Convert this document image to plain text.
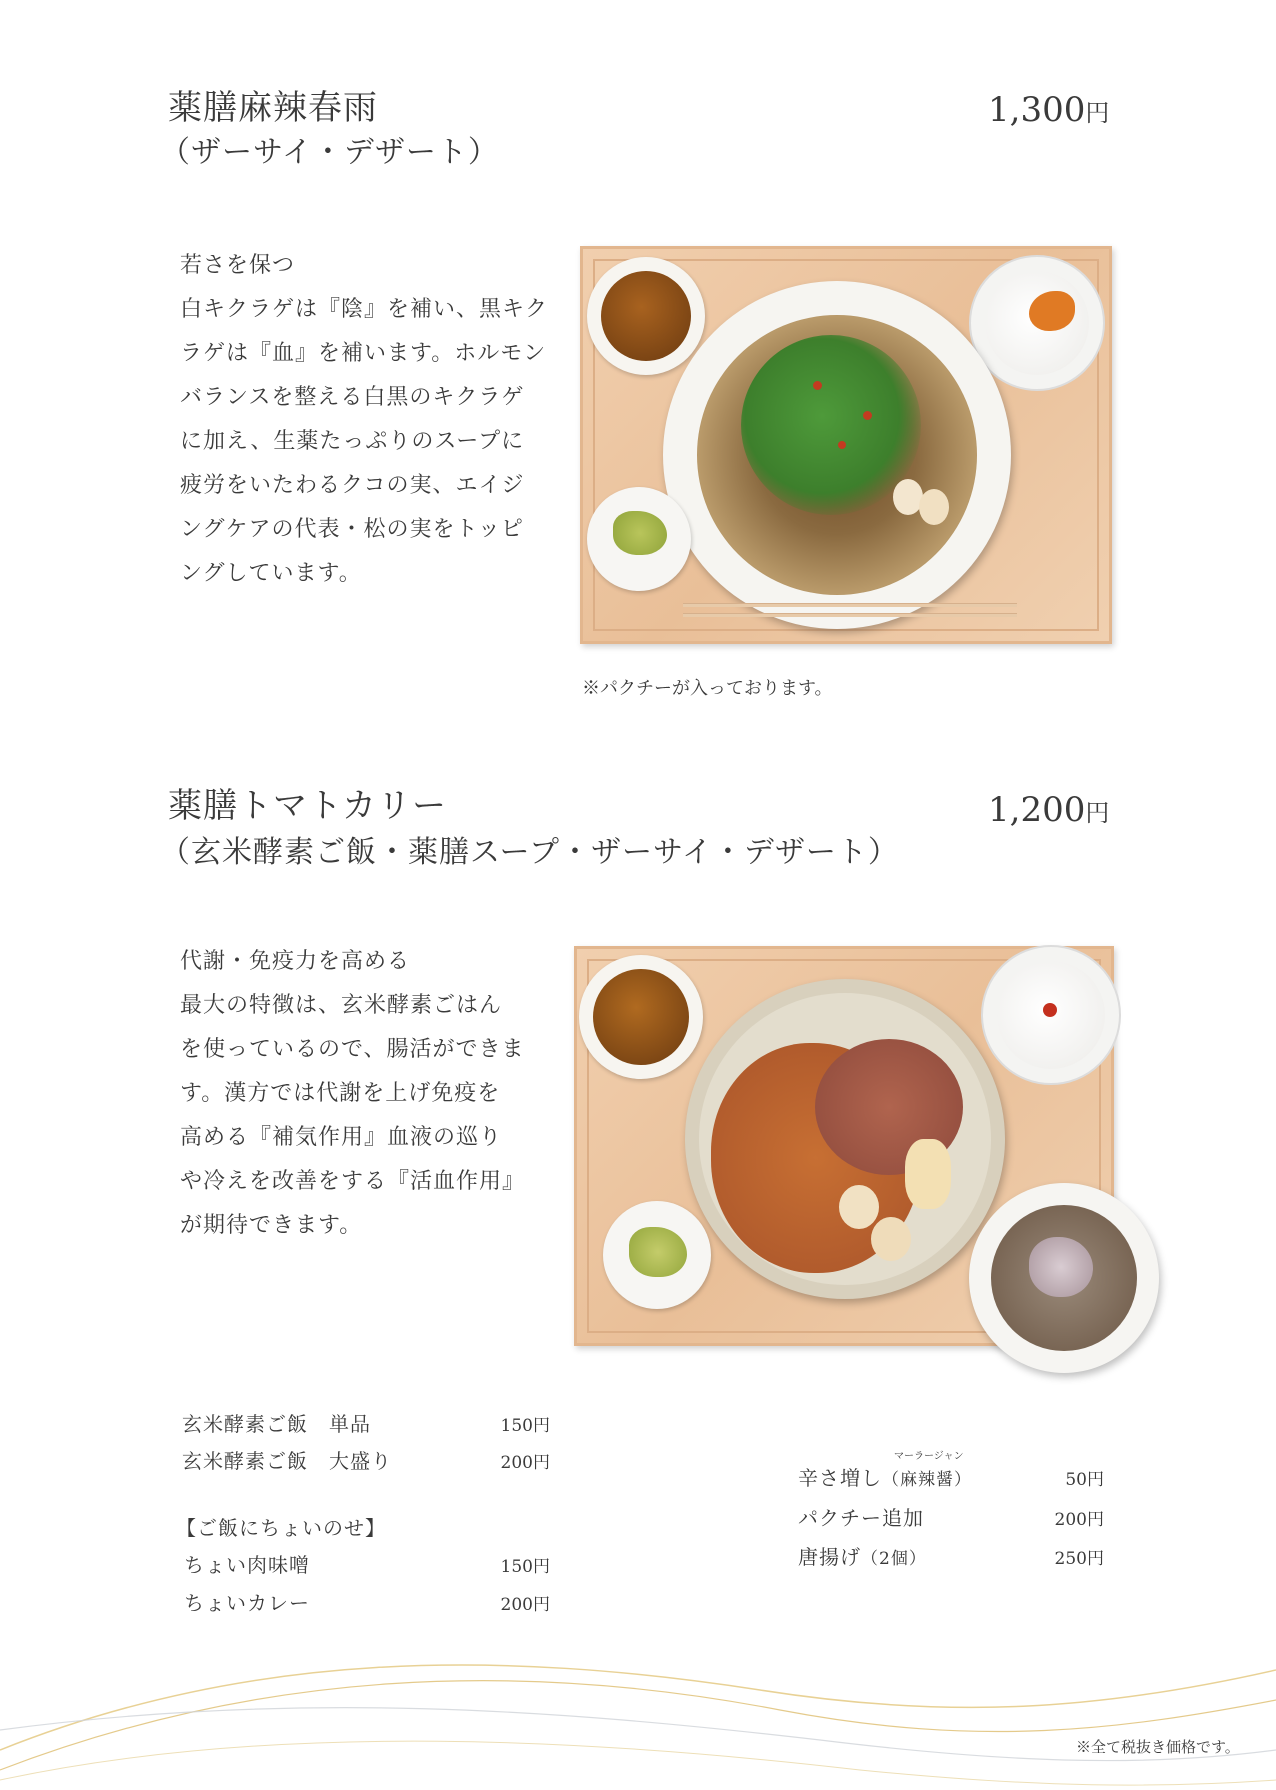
薬膳麻辣春雨
（ザーサイ・デザート）
1,300円
若さを保つ
白キクラゲは『陰』を補い、黒キク
ラゲは『血』を補います。ホルモン
バランスを整える白黒のキクラゲ
に加え、生薬たっぷりのスープに
疲労をいたわるクコの実、エイジ
ングケアの代表・松の実をトッピ
ングしています。
※パクチーが入っております。
薬膳トマトカリー
（玄米酵素ご飯・薬膳スープ・ザーサイ・デザート）
1,200円
代謝・免疫力を高める
最大の特徴は、玄米酵素ごはん
を使っているので、腸活ができま
す。漢方では代謝を上げ免疫を
高める『補気作用』血液の巡り
や冷えを改善をする『活血作用』
が期待できます。
玄米酵素ご飯　単品	150円
玄米酵素ご飯　大盛り	200円
【ご飯にちょいのせ】
ちょい肉味噌	150円
ちょいカレー	200円
マーラージャン
辛さ増し（麻辣醤）	50円
パクチー追加	200円
唐揚げ（2個）	250円
※全て税抜き価格です。
